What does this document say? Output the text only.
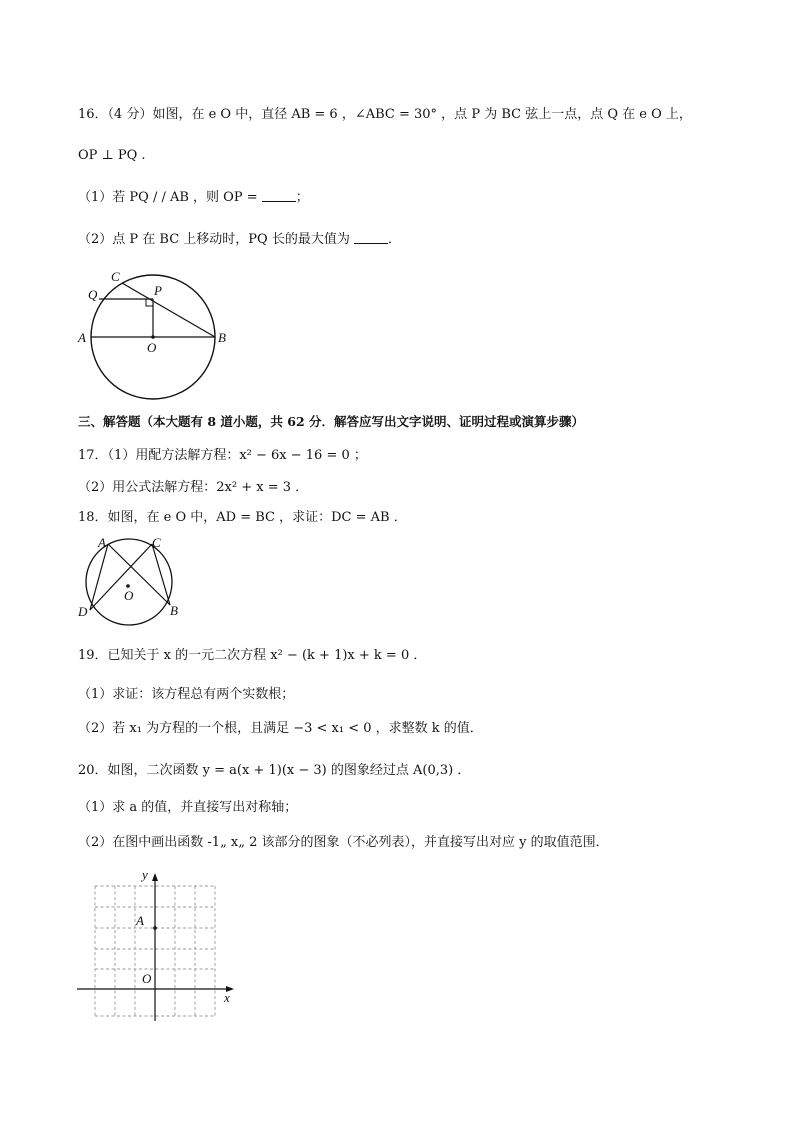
16．（4 分）如图，在 e O 中，直径 AB = 6 ，∠ABC = 30° ，点 P 为 BC 弦上一点，点 Q 在 e O 上，
OP ⊥ PQ .
（1）若 PQ / / AB ，则 OP =	；
（2）点 P 在 BC 上移动时，PQ 长的最大值为	．
C
Q	P
A	B
O
三、解答题（本大题有 8 道小题，共 62 分．解答应写出文字说明、证明过程或演算步骤）
17．（1）用配方法解方程：x² − 6x − 16 = 0 ；
（2）用公式法解方程：2x² + x = 3 ．
18．如图，在 e O 中，AD = BC ，求证：DC = AB ．
A	C
D	B
O
19．已知关于 x 的一元二次方程 x² − (k + 1)x + k = 0 ．
（1）求证：该方程总有两个实数根；
（2）若 x₁ 为方程的一个根，且满足 −3 < x₁ < 0 ，求整数 k 的值．
20．如图，二次函数 y = a(x + 1)(x − 3) 的图象经过点 A(0,3) ．
（1）求 a 的值，并直接写出对称轴；
（2）在图中画出函数 -1„ x„ 2 该部分的图象（不必列表），并直接写出对应 y 的取值范围．
y
x
A
O
